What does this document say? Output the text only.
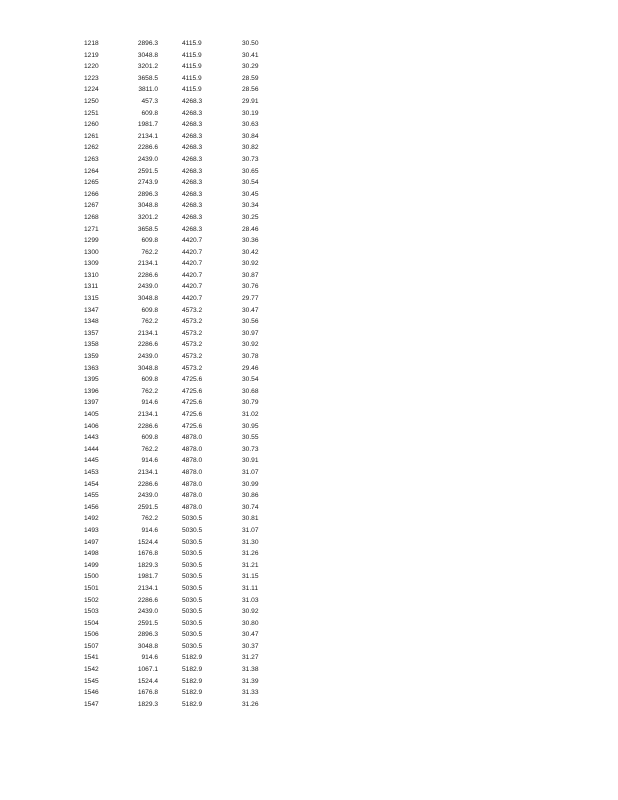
1218	2896.3		4115.9	30.50
1219	3048.8		4115.9	30.41
1220	3201.2		4115.9	30.29
1223	3658.5		4115.9	28.59
1224	3811.0		4115.9	28.56
1250	457.3		4268.3	29.91
1251	609.8		4268.3	30.19
1260	1981.7		4268.3	30.63
1261	2134.1		4268.3	30.84
1262	2286.6		4268.3	30.82
1263	2439.0		4268.3	30.73
1264	2591.5		4268.3	30.65
1265	2743.9		4268.3	30.54
1266	2896.3		4268.3	30.45
1267	3048.8		4268.3	30.34
1268	3201.2		4268.3	30.25
1271	3658.5		4268.3	28.46
1299	609.8		4420.7	30.36
1300	762.2		4420.7	30.42
1309	2134.1		4420.7	30.92
1310	2286.6		4420.7	30.87
1311	2439.0		4420.7	30.76
1315	3048.8		4420.7	29.77
1347	609.8		4573.2	30.47
1348	762.2		4573.2	30.56
1357	2134.1		4573.2	30.97
1358	2286.6		4573.2	30.92
1359	2439.0		4573.2	30.78
1363	3048.8		4573.2	29.46
1395	609.8		4725.6	30.54
1396	762.2		4725.6	30.68
1397	914.6		4725.6	30.79
1405	2134.1		4725.6	31.02
1406	2286.6		4725.6	30.95
1443	609.8		4878.0	30.55
1444	762.2		4878.0	30.73
1445	914.6		4878.0	30.91
1453	2134.1		4878.0	31.07
1454	2286.6		4878.0	30.99
1455	2439.0		4878.0	30.86
1456	2591.5		4878.0	30.74
1492	762.2		5030.5	30.81
1493	914.6		5030.5	31.07
1497	1524.4		5030.5	31.30
1498	1676.8		5030.5	31.26
1499	1829.3		5030.5	31.21
1500	1981.7		5030.5	31.15
1501	2134.1		5030.5	31.11
1502	2286.6		5030.5	31.03
1503	2439.0		5030.5	30.92
1504	2591.5		5030.5	30.80
1506	2896.3		5030.5	30.47
1507	3048.8		5030.5	30.37
1541	914.6		5182.9	31.27
1542	1067.1		5182.9	31.38
1545	1524.4		5182.9	31.39
1546	1676.8		5182.9	31.33
1547	1829.3		5182.9	31.26
